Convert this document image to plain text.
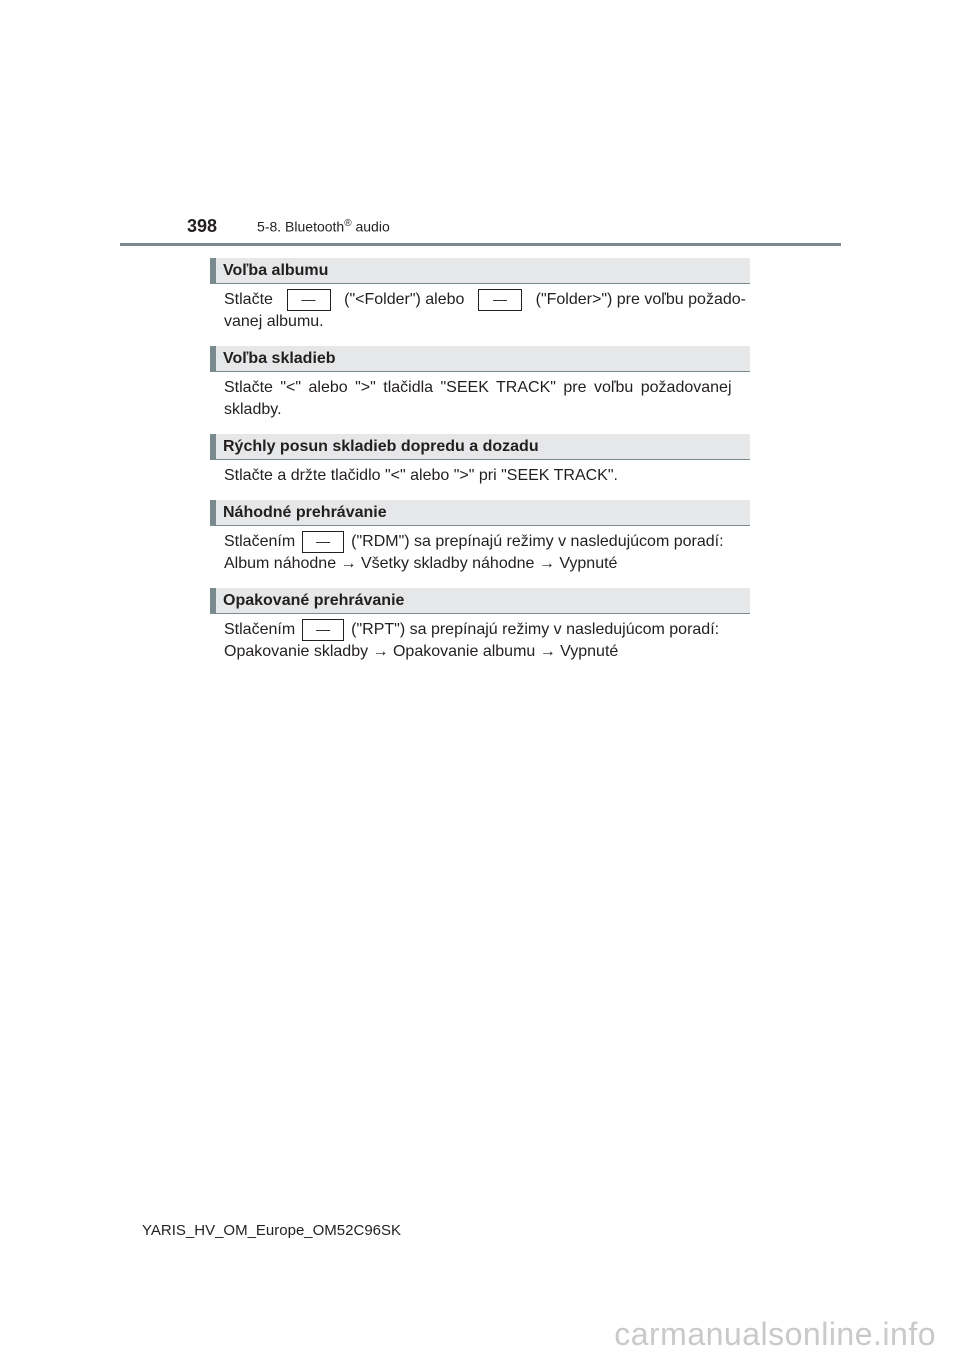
398	5-8. Bluetooth® audio
Voľba albumu
Stlačte	—	("<Folder") alebo	—	("Folder>") pre voľbu požado-
vanej albumu.
Voľba skladieb
Stlačte "<" alebo ">" tlačidla "SEEK TRACK" pre voľbu požadovanej
skladby.
Rýchly posun skladieb dopredu a dozadu
Stlačte a držte tlačidlo "<" alebo ">" pri "SEEK TRACK".
Náhodné prehrávanie
Stlačením	—	("RDM") sa prepínajú režimy v nasledujúcom poradí:
Album náhodne → Všetky skladby náhodne → Vypnuté
Opakované prehrávanie
Stlačením	—	("RPT") sa prepínajú režimy v nasledujúcom poradí:
Opakovanie skladby → Opakovanie albumu → Vypnuté
YARIS_HV_OM_Europe_OM52C96SK
carmanualsonline.info
